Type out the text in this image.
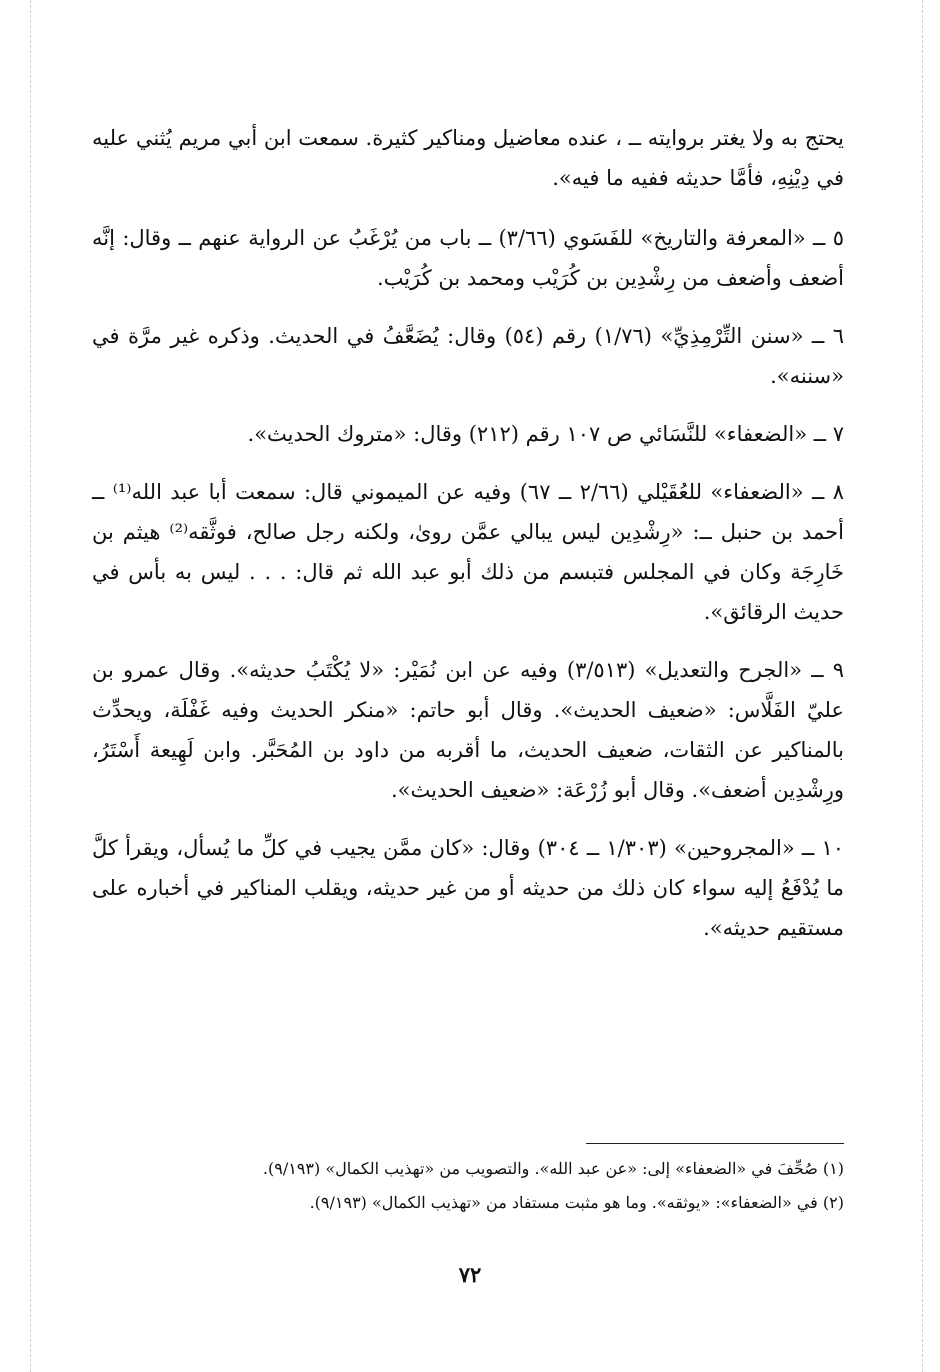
يحتج به ولا يغتر بروايته ــ ، عنده معاضيل ومناكير كثيرة. سمعت ابن أبي مريم يُثني عليه في دِيْنِهِ، فأمَّا حديثه ففيه ما فيه».

٥ ــ «المعرفة والتاريخ» للفَسَوي (٣/٦٦) ــ باب من يُرْغَبُ عن الرواية عنهم ــ وقال: إنَّه أضعف وأضعف من رِشْدِين بن كُرَيْب ومحمد بن كُرَيْب.

٦ ــ «سنن التِّرْمِذِيِّ» (١/٧٦) رقم (٥٤) وقال: يُضَعَّفُ في الحديث. وذكره غير مرَّة في «سننه».

٧ ــ «الضعفاء» للنَّسَائي ص ١٠٧ رقم (٢١٢) وقال: «متروك الحديث».

٨ ــ «الضعفاء» للعُقَيْلي (٢/٦٦ ــ ٦٧) وفيه عن الميموني قال: سمعت أبا عبد الله⁽¹⁾ ــ أحمد بن حنبل ــ: «رِشْدِين ليس يبالي عمَّن روىٰ، ولكنه رجل صالح، فوثَّقه⁽²⁾ هيثم بن خَارِجَة وكان في المجلس فتبسم من ذلك أبو عبد الله ثم قال: . . . ليس به بأس في حديث الرقائق».

٩ ــ «الجرح والتعديل» (٣/٥١٣) وفيه عن ابن نُمَيْر: «لا يُكْتَبُ حديثه». وقال عمرو بن عليّ الفَلَّاس: «ضعيف الحديث». وقال أبو حاتم: «منكر الحديث وفيه غَفْلَة، ويحدِّث بالمناكير عن الثقات، ضعيف الحديث، ما أقربه من داود بن المُحَبَّر. وابن لَهِيعة أَسْتَرُ، ورِشْدِين أضعف». وقال أبو زُرْعَة: «ضعيف الحديث».

١٠ ــ «المجروحين» (١/٣٠٣ ــ ٣٠٤) وقال: «كان ممَّن يجيب في كلِّ ما يُسأل، ويقرأ كلَّ ما يُدْفَعُ إليه سواء كان ذلك من حديثه أو من غير حديثه، ويقلب المناكير في أخباره على مستقيم حديثه».

(١) صُحِّفَ في «الضعفاء» إلى: «عن عبد الله». والتصويب من «تهذيب الكمال» (٩/١٩٣).

(٢) في «الضعفاء»: «يوثقه». وما هو مثبت مستفاد من «تهذيب الكمال» (٩/١٩٣).

٧٢
